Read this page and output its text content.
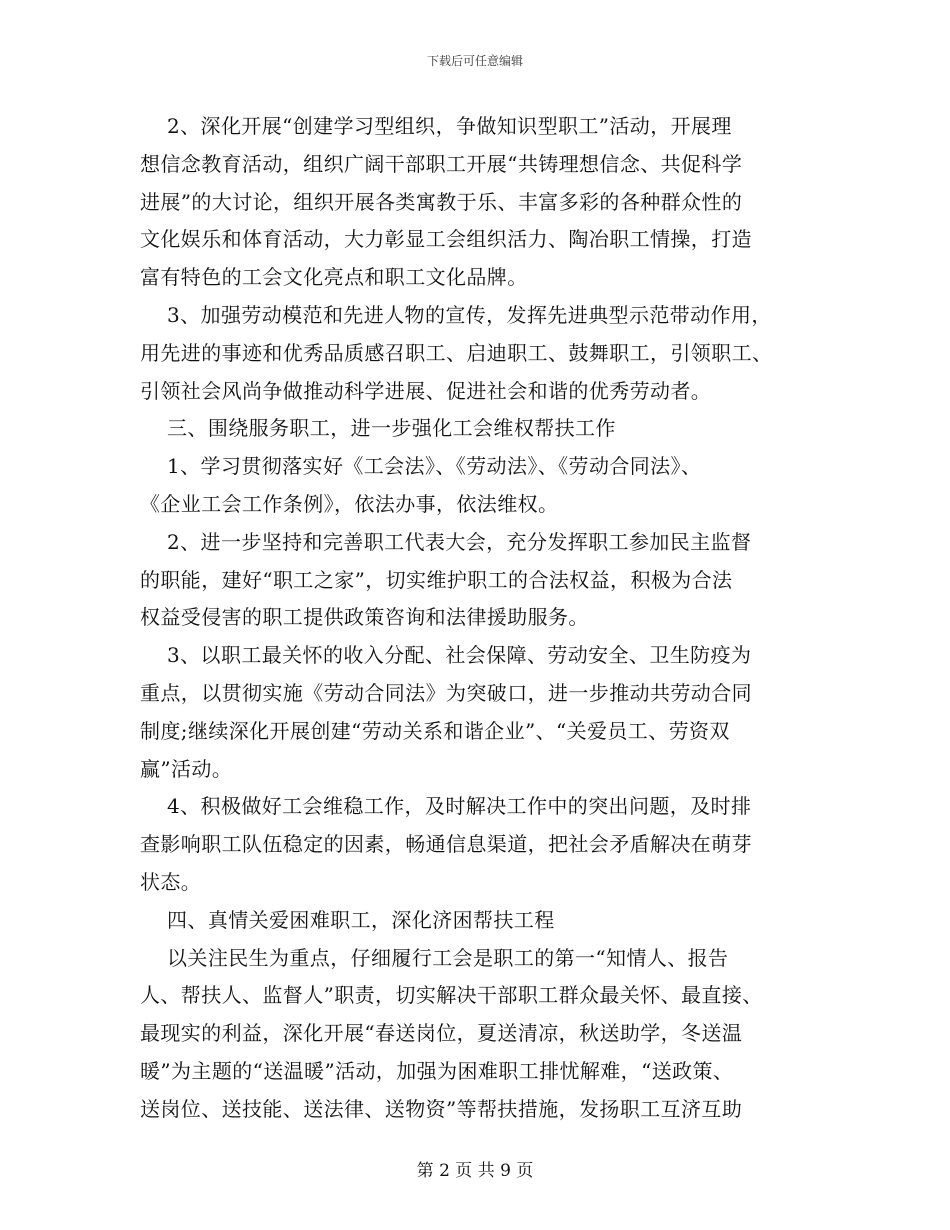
下载后可任意编辑
2、深化开展“创建学习型组织，争做知识型职工”活动，开展理
想信念教育活动，组织广阔干部职工开展“共铸理想信念、共促科学
进展”的大讨论，组织开展各类寓教于乐、丰富多彩的各种群众性的
文化娱乐和体育活动，大力彰显工会组织活力、陶冶职工情操，打造
富有特色的工会文化亮点和职工文化品牌。
3、加强劳动模范和先进人物的宣传，发挥先进典型示范带动作用，
用先进的事迹和优秀品质感召职工、启迪职工、鼓舞职工，引领职工、
引领社会风尚争做推动科学进展、促进社会和谐的优秀劳动者。
三、围绕服务职工，进一步强化工会维权帮扶工作
1、学习贯彻落实好《工会法》、《劳动法》、《劳动合同法》、
《企业工会工作条例》，依法办事，依法维权。
2、进一步坚持和完善职工代表大会，充分发挥职工参加民主监督
的职能，建好“职工之家”，切实维护职工的合法权益，积极为合法
权益受侵害的职工提供政策咨询和法律援助服务。
3、以职工最关怀的收入分配、社会保障、劳动安全、卫生防疫为
重点，以贯彻实施《劳动合同法》为突破口，进一步推动共劳动合同
制度;继续深化开展创建“劳动关系和谐企业”、“关爱员工、劳资双
赢”活动。
4、积极做好工会维稳工作，及时解决工作中的突出问题，及时排
查影响职工队伍稳定的因素，畅通信息渠道，把社会矛盾解决在萌芽
状态。
四、真情关爱困难职工，深化济困帮扶工程
以关注民生为重点，仔细履行工会是职工的第一“知情人、报告
人、帮扶人、监督人”职责，切实解决干部职工群众最关怀、最直接、
最现实的利益，深化开展“春送岗位，夏送清凉，秋送助学，冬送温
暖”为主题的“送温暖”活动，加强为困难职工排忧解难，“送政策、
送岗位、送技能、送法律、送物资”等帮扶措施，发扬职工互济互助
第 2 页 共 9 页
